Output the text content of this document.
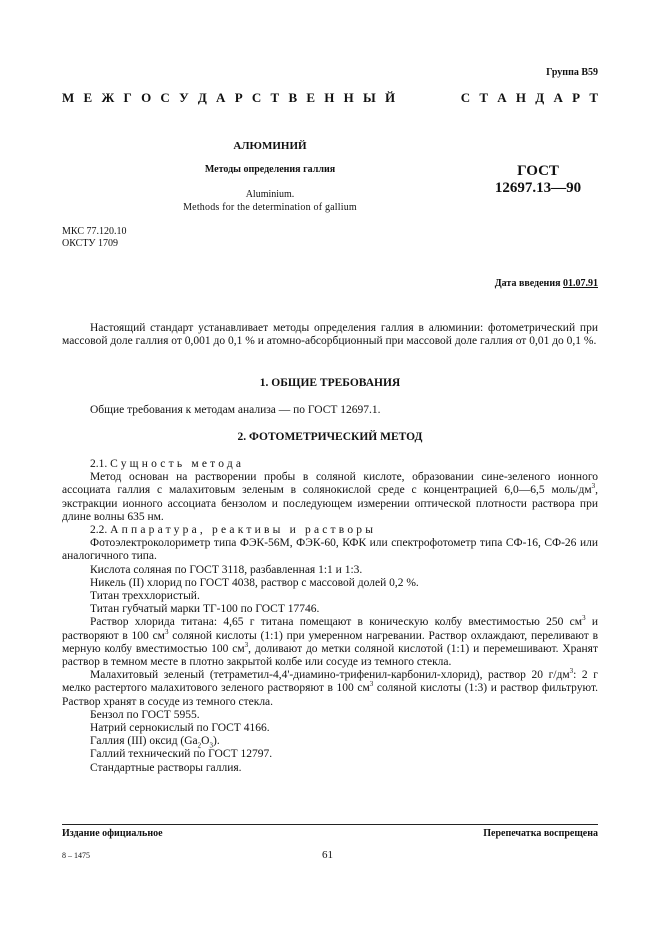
Группа В59
М Е Ж Г О С У Д А Р С Т В Е Н Н Ы Й	С Т А Н Д А Р Т
АЛЮМИНИЙ
Методы определения галлия
Aluminium.
Methods for the determination of gallium
ГОСТ
12697.13—90
МКС 77.120.10
ОКСТУ 1709
Дата введения 01.07.91

Настоящий стандарт устанавливает методы определения галлия в алюминии: фотометрический при массовой доле галлия от 0,001 до 0,1 % и атомно-абсорбционный при массовой доле галлия от 0,01 до 0,1 %.

1. ОБЩИЕ ТРЕБОВАНИЯ

Общие требования к методам анализа — по ГОСТ 12697.1.

2. ФОТОМЕТРИЧЕСКИЙ МЕТОД

2.1. Сущность метода

Метод основан на растворении пробы в соляной кислоте, образовании сине-зеленого ионного ассоциата галлия с малахитовым зеленым в солянокислой среде с концентрацией 6,0—6,5 моль/$дм^3$, экстракции ионного ассоциата бензолом и последующем измерении оптической плотности раствора при длине волны 635 нм.

2.2. Аппаратура, реактивы и растворы

Фотоэлектроколориметр типа ФЭК-56М, ФЭК-60, КФК или спектрофотометр типа СФ-16, СФ-26 или аналогичного типа.

Кислота соляная по ГОСТ 3118, разбавленная 1:1 и 1:3.

Никель (II) хлорид по ГОСТ 4038, раствор с массовой долей 0,2 %.

Титан треххлористый.

Титан губчатый марки ТГ-100 по ГОСТ 17746.

Раствор хлорида титана: 4,65 г титана помещают в коническую колбу вместимостью 250 $см^3$ и растворяют в 100 $см^3$ соляной кислоты (1:1) при умеренном нагревании. Раствор охлаждают, переливают в мерную колбу вместимостью 100 $см^3$, доливают до метки соляной кислотой (1:1) и перемешивают. Хранят раствор в темном месте в плотно закрытой колбе или сосуде из темного стекла.

Малахитовый зеленый (тетраметил-4,4'-диамино-трифенил-карбонил-хлорид), раствор 20 $г/дм^3$: 2 г мелко растертого малахитового зеленого растворяют в 100 $см^3$ соляной кислоты (1:3) и раствор фильтруют. Раствор хранят в сосуде из темного стекла.

Бензол по ГОСТ 5955.

Натрий сернокислый по ГОСТ 4166.

Галлия (III) оксид $(Ga_2O_3)$.

Галлий технический по ГОСТ 12797.

Стандартные растворы галлия.

Издание официальное	Перепечатка воспрещена
8 – 1475	61
